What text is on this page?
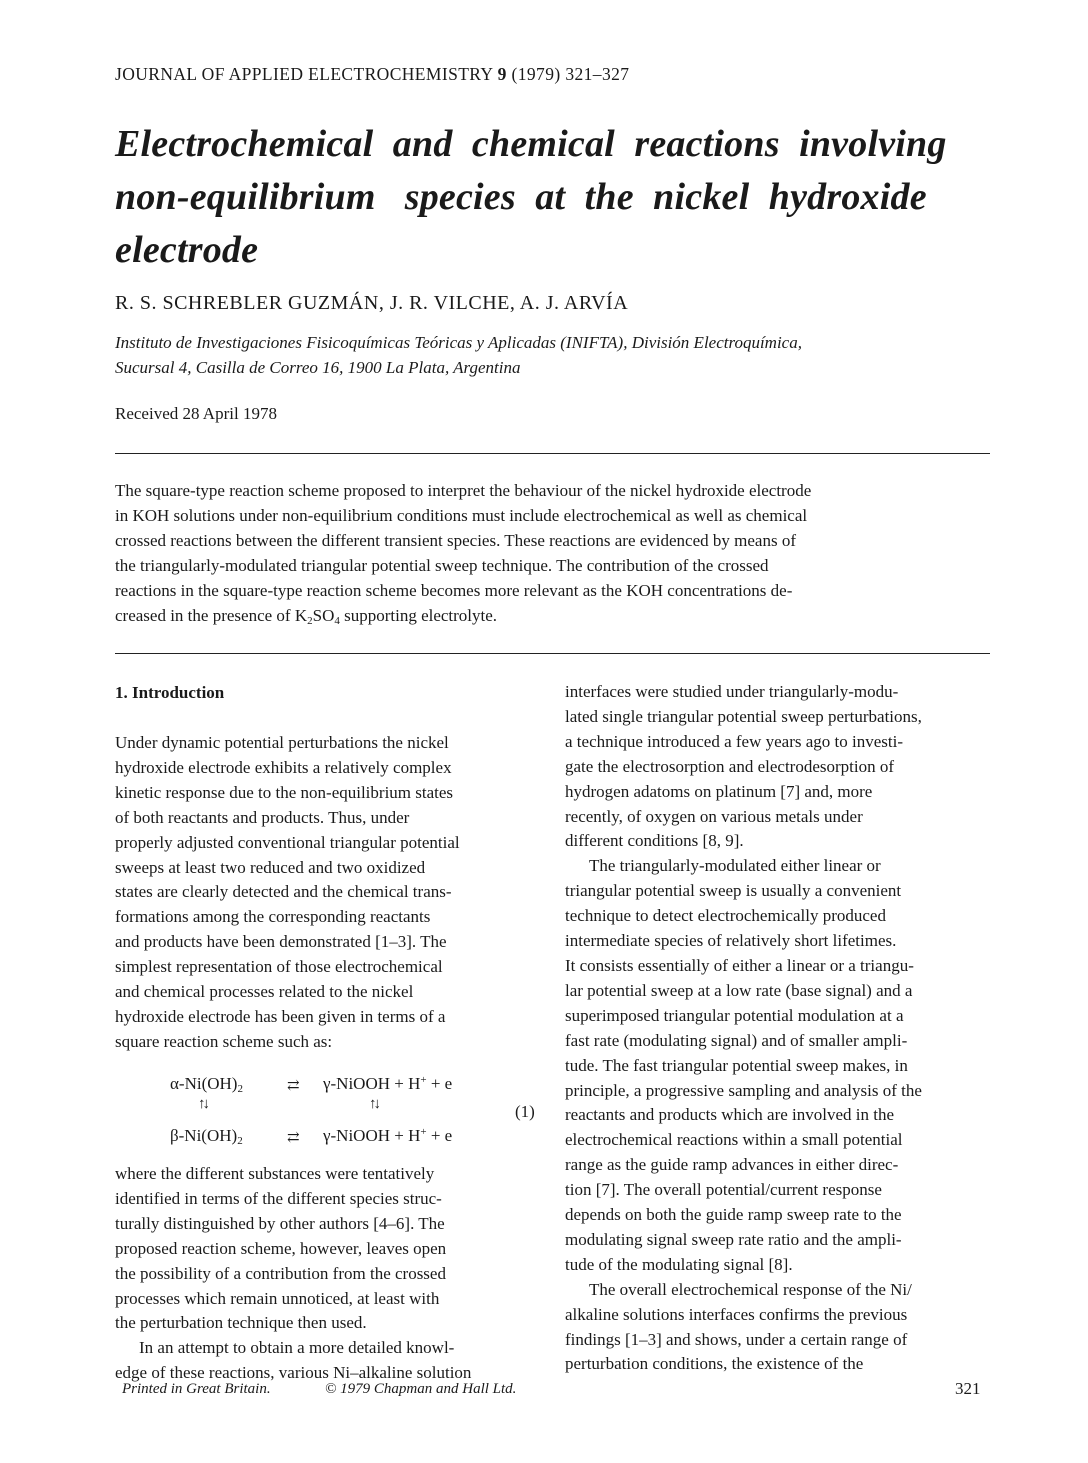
JOURNAL OF APPLIED ELECTROCHEMISTRY 9 (1979) 321–327
Electrochemical  and  chemical  reactions  involving
non-equilibrium   species  at  the  nickel  hydroxide
electrode
R. S. SCHREBLER GUZMÁN, J. R. VILCHE, A. J. ARVÍA
Instituto de Investigaciones Fisicoquímicas Teóricas y Aplicadas (INIFTA), División Electroquímica,
Sucursal 4, Casilla de Correo 16, 1900 La Plata, Argentina
Received 28 April 1978
The square-type reaction scheme proposed to interpret the behaviour of the nickel hydroxide electrode
in KOH solutions under non-equilibrium conditions must include electrochemical as well as chemical
crossed reactions between the different transient species. These reactions are evidenced by means of
the triangularly-modulated triangular potential sweep technique. The contribution of the crossed
reactions in the square-type reaction scheme becomes more relevant as the KOH concentrations de-
creased in the presence of $K_2SO_4$ supporting electrolyte.
1. Introduction
Under dynamic potential perturbations the nickel
hydroxide electrode exhibits a relatively complex
kinetic response due to the non-equilibrium states
of both reactants and products. Thus, under
properly adjusted conventional triangular potential
sweeps at least two reduced and two oxidized
states are clearly detected and the chemical trans-
formations among the corresponding reactants
and products have been demonstrated [1–3]. The
simplest representation of those electrochemical
and chemical processes related to the nickel
hydroxide electrode has been given in terms of a
square reaction scheme such as:
$\alpha-Ni(OH)_2$	⇄ γ-NiOOH + H+ + e
↑↓	↑↓	(1)
$\beta-Ni(OH)_2$	⇄ γ-NiOOH + H+ + e
where the different substances were tentatively
identified in terms of the different species struc-
turally distinguished by other authors [4–6]. The
proposed reaction scheme, however, leaves open
the possibility of a contribution from the crossed
processes which remain unnoticed, at least with
the perturbation technique then used.
In an attempt to obtain a more detailed knowl-
edge of these reactions, various Ni–alkaline solution
interfaces were studied under triangularly-modu-
lated single triangular potential sweep perturbations,
a technique introduced a few years ago to investi-
gate the electrosorption and electrodesorption of
hydrogen adatoms on platinum [7] and, more
recently, of oxygen on various metals under
different conditions [8, 9].
The triangularly-modulated either linear or
triangular potential sweep is usually a convenient
technique to detect electrochemically produced
intermediate species of relatively short lifetimes.
It consists essentially of either a linear or a triangu-
lar potential sweep at a low rate (base signal) and a
superimposed triangular potential modulation at a
fast rate (modulating signal) and of smaller ampli-
tude. The fast triangular potential sweep makes, in
principle, a progressive sampling and analysis of the
reactants and products which are involved in the
electrochemical reactions within a small potential
range as the guide ramp advances in either direc-
tion [7]. The overall potential/current response
depends on both the guide ramp sweep rate to the
modulating signal sweep rate ratio and the ampli-
tude of the modulating signal [8].
The overall electrochemical response of the Ni/
alkaline solutions interfaces confirms the previous
findings [1–3] and shows, under a certain range of
perturbation conditions, the existence of the
Printed in Great Britain.	© 1979 Chapman and Hall Ltd.	321
